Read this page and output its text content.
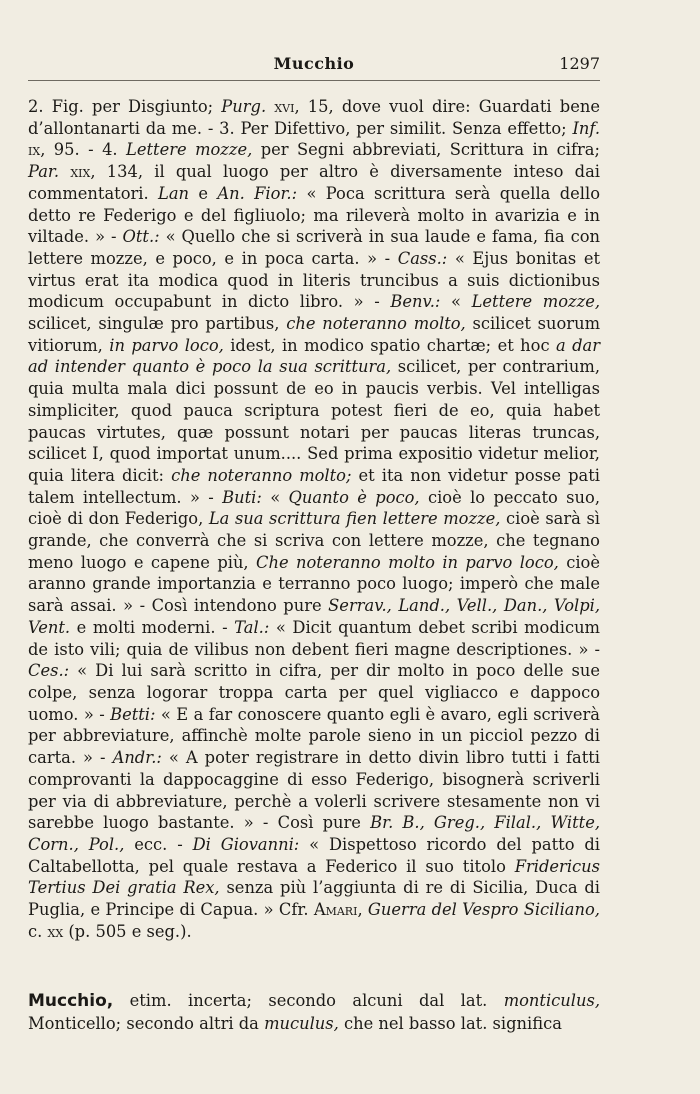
Mucchio	1297

2. Fig. per Disgiunto; Purg. xvi, 15, dove vuol dire: Guardati bene d’allontanarti da me. - 3. Per Difettivo, per similit. Senza effetto; Inf. ix, 95. - 4. Lettere mozze, per Segni abbreviati, Scrittura in cifra; Par. xix, 134, il qual luogo per altro è diversamente inteso dai commentatori. Lan e An. Fior.: « Poca scrittura serà quella dello detto re Federigo e del figliuolo; ma rileverà molto in avarizia e in viltade. » - Ott.: « Quello che si scriverà in sua laude e fama, fia con lettere mozze, e poco, e in poca carta. » - Cass.: « Ejus bonitas et virtus erat ita modica quod in literis truncibus a suis dictionibus modicum occupabunt in dicto libro. » - Benv.: « Lettere mozze, scilicet, singulæ pro partibus, che noteranno molto, scilicet suorum vitiorum, in parvo loco, idest, in modico spatio chartæ; et hoc a dar ad intender quanto è poco la sua scrittura, scilicet, per contrarium, quia multa mala dici possunt de eo in paucis verbis. Vel intelligas simpliciter, quod pauca scriptura potest fieri de eo, quia habet paucas virtutes, quæ possunt notari per paucas literas truncas, scilicet I, quod importat unum.... Sed prima expositio videtur melior, quia litera dicit: che noteranno molto; et ita non videtur posse pati talem intellectum. » - Buti: « Quanto è poco, cioè lo peccato suo, cioè di don Federigo, La sua scrittura fien lettere mozze, cioè sarà sì grande, che converrà che si scriva con lettere mozze, che tegnano meno luogo e capene più, Che noteranno molto in parvo loco, cioè aranno grande importanzia e terranno poco luogo; imperò che male sarà assai. » - Così intendono pure Serrav., Land., Vell., Dan., Volpi, Vent. e molti moderni. - Tal.: « Dicit quantum debet scribi modicum de isto vili; quia de vilibus non debent fieri magne descriptiones. » - Ces.: « Di lui sarà scritto in cifra, per dir molto in poco delle sue colpe, senza logorar troppa carta per quel vigliacco e dappoco uomo. » - Betti: « E a far conoscere quanto egli è avaro, egli scriverà per abbreviature, affinchè molte parole sieno in un picciol pezzo di carta. » - Andr.: « A poter registrare in detto divin libro tutti i fatti comprovanti la dappocaggine di esso Federigo, bisognerà scriverli per via di abbreviature, perchè a volerli scrivere stesamente non vi sarebbe luogo bastante. » - Così pure Br. B., Greg., Filal., Witte, Corn., Pol., ecc. - Di Giovanni: « Dispettoso ricordo del patto di Caltabellotta, pel quale restava a Federico il suo titolo Fridericus Tertius Dei gratia Rex, senza più l’aggiunta di re di Sicilia, Duca di Puglia, e Principe di Capua. » Cfr. Amari, Guerra del Vespro Siciliano, c. xx (p. 505 e seg.).

Mucchio, etim. incerta; secondo alcuni dal lat. monticulus, Monticello; secondo altri da muculus, che nel basso lat. significa
